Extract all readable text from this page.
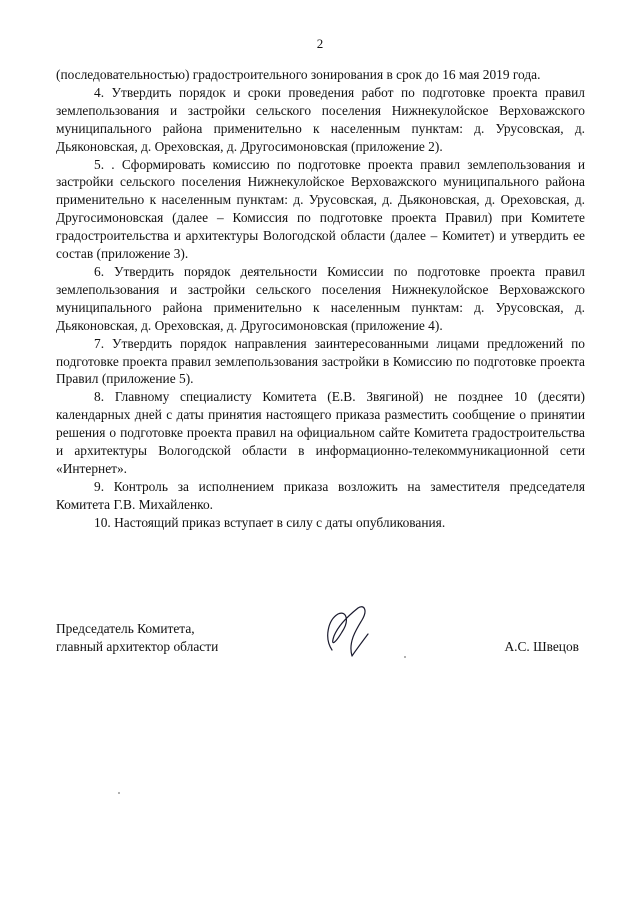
2

(последовательностью) градостроительного зонирования в срок до 16 мая 2019 года.

4. Утвердить порядок и сроки проведения работ по подготовке проекта правил землепользования и застройки сельского поселения Нижнекулойское Верховажского муниципального района применительно к населенным пунктам: д. Урусовская, д. Дьяконовская, д. Ореховская, д. Другосимоновская (приложение 2).

5. . Сформировать комиссию по подготовке проекта правил землепользования и застройки сельского поселения Нижнекулойское Верховажского муниципального района применительно к населенным пунктам: д. Урусовская, д. Дьяконовская, д. Ореховская, д. Другосимоновская (далее – Комиссия по подготовке проекта Правил) при Комитете градостроительства и архитектуры Вологодской области (далее – Комитет) и утвердить ее состав (приложение 3).

6. Утвердить порядок деятельности Комиссии по подготовке проекта правил землепользования и застройки сельского поселения Нижнекулойское Верховажского муниципального района применительно к населенным пунктам: д. Урусовская, д. Дьяконовская, д. Ореховская, д. Другосимоновская (приложение 4).

7. Утвердить порядок направления заинтересованными лицами предложений по подготовке проекта правил землепользования застройки в Комиссию по подготовке проекта Правил (приложение 5).

8. Главному специалисту Комитета (Е.В. Звягиной) не позднее 10 (десяти) календарных дней с даты принятия настоящего приказа разместить сообщение о принятии решения о подготовке проекта правил на официальном сайте Комитета градостроительства и архитектуры Вологодской области в информационно-телекоммуникационной сети «Интернет».

9. Контроль за исполнением приказа возложить на заместителя председателя Комитета Г.В. Михайленко.

10. Настоящий приказ вступает в силу с даты опубликования.

Председатель Комитета,
главный архитектор области	А.С. Швецов
